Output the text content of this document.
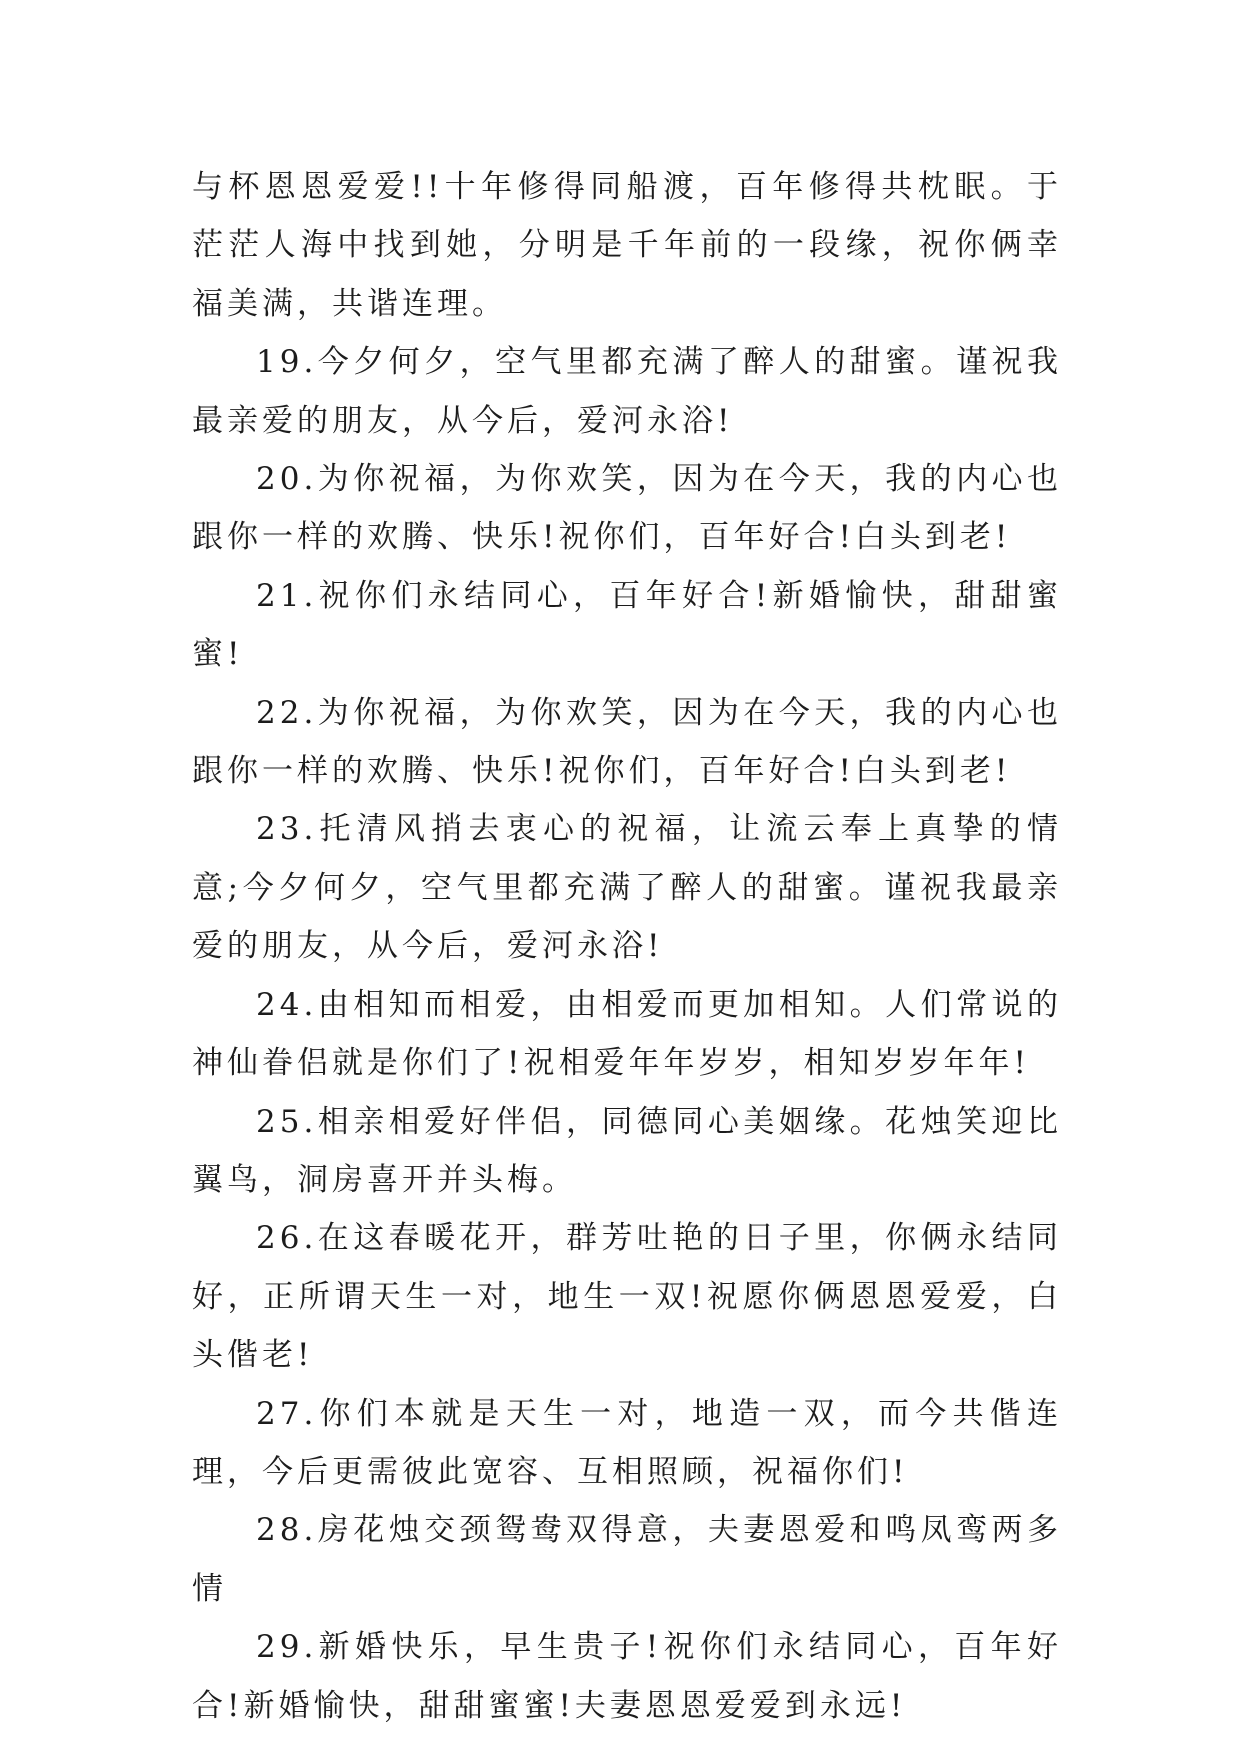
与杯恩恩爱爱!!十年修得同船渡，百年修得共枕眠。于茫茫人海中找到她，分明是千年前的一段缘，祝你俩幸福美满，共谐连理。

19.今夕何夕，空气里都充满了醉人的甜蜜。谨祝我最亲爱的朋友，从今后，爱河永浴!

20.为你祝福，为你欢笑，因为在今天，我的内心也跟你一样的欢腾、快乐!祝你们，百年好合!白头到老!

21.祝你们永结同心，百年好合!新婚愉快，甜甜蜜蜜!

22.为你祝福，为你欢笑，因为在今天，我的内心也跟你一样的欢腾、快乐!祝你们，百年好合!白头到老!

23.托清风捎去衷心的祝福，让流云奉上真挚的情意;今夕何夕，空气里都充满了醉人的甜蜜。谨祝我最亲爱的朋友，从今后，爱河永浴!

24.由相知而相爱，由相爱而更加相知。人们常说的神仙眷侣就是你们了!祝相爱年年岁岁，相知岁岁年年!

25.相亲相爱好伴侣，同德同心美姻缘。花烛笑迎比翼鸟，洞房喜开并头梅。

26.在这春暖花开，群芳吐艳的日子里，你俩永结同好，正所谓天生一对，地生一双!祝愿你俩恩恩爱爱，白头偕老!

27.你们本就是天生一对，地造一双，而今共偕连理，今后更需彼此宽容、互相照顾，祝福你们!

28.房花烛交颈鸳鸯双得意，夫妻恩爱和鸣凤鸾两多情

29.新婚快乐，早生贵子!祝你们永结同心，百年好合!新婚愉快，甜甜蜜蜜!夫妻恩恩爱爱到永远!
